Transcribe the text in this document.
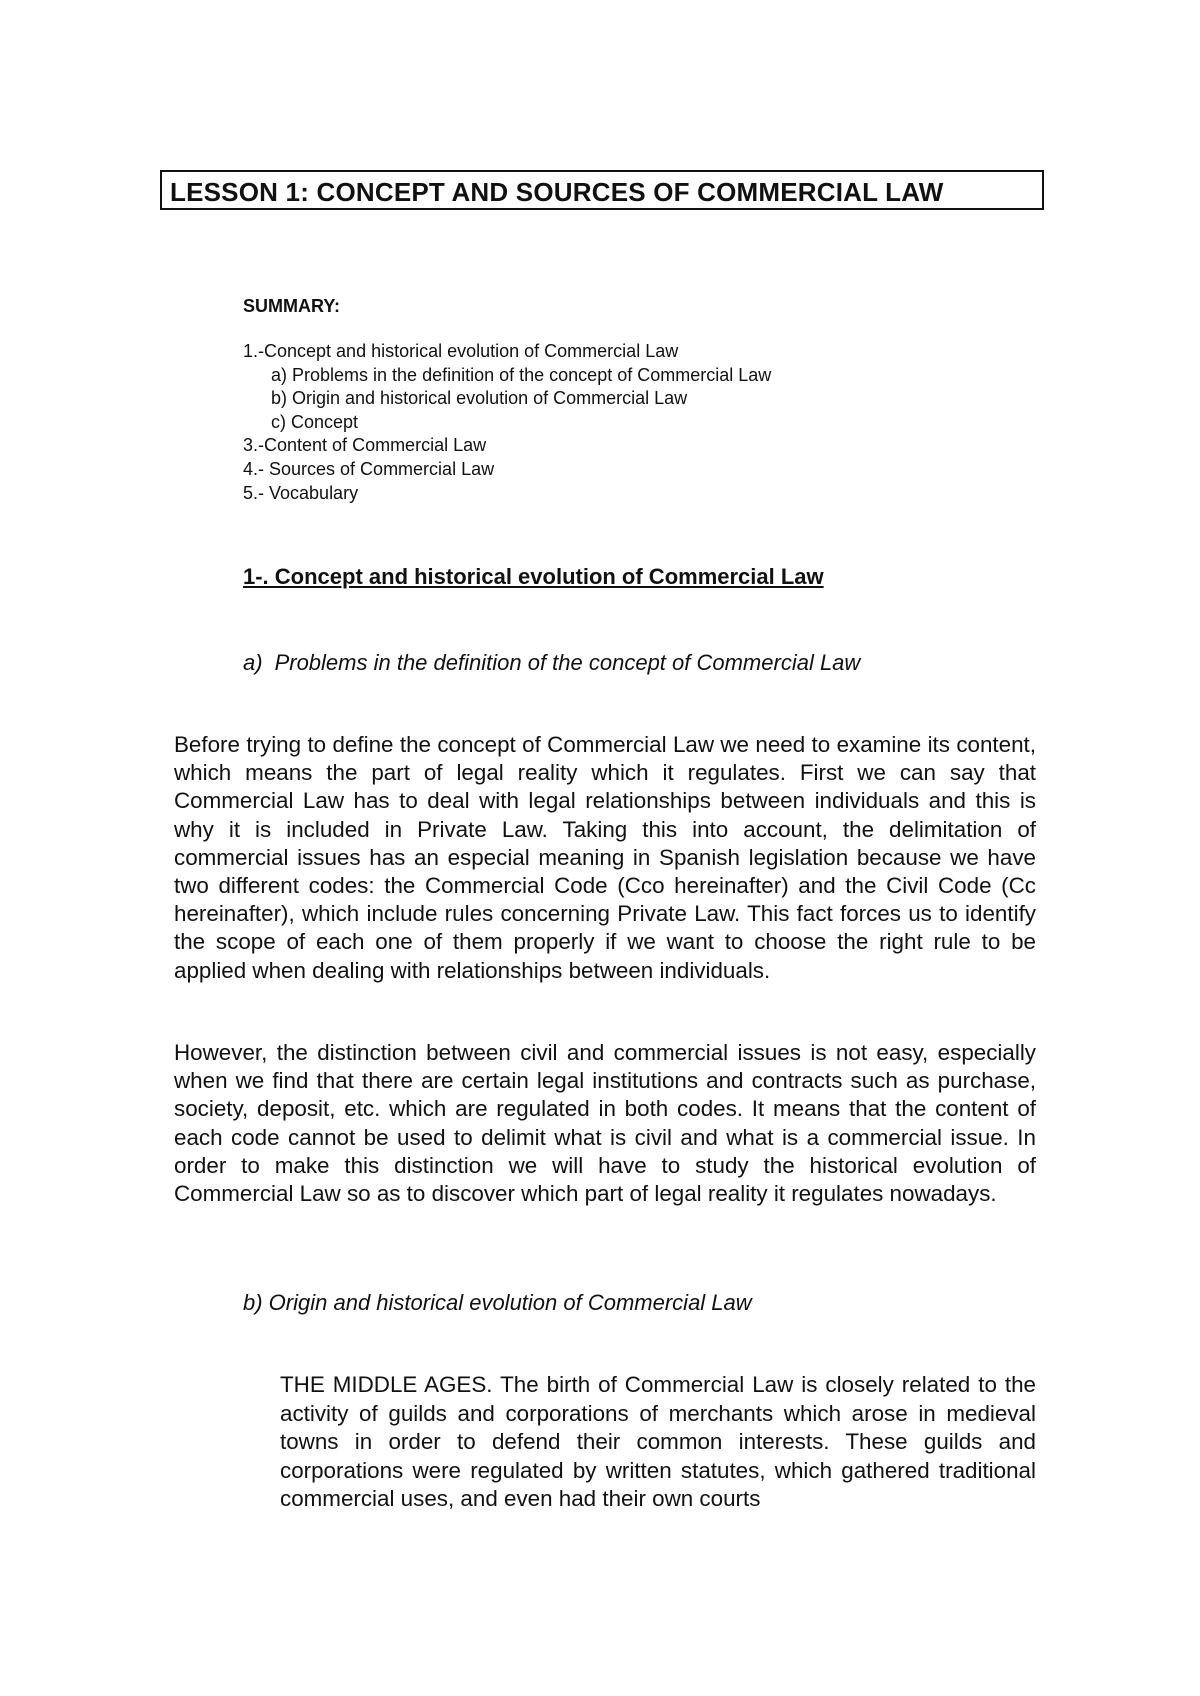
LESSON 1: CONCEPT AND SOURCES OF COMMERCIAL LAW
SUMMARY:
1.-Concept and historical evolution of Commercial Law
a) Problems in the definition of the concept of Commercial Law
b) Origin and historical evolution of Commercial Law
c) Concept
3.-Content of Commercial Law
4.- Sources of Commercial Law
5.- Vocabulary
1-. Concept and historical evolution of Commercial Law
a) Problems in the definition of the concept of Commercial Law
Before trying to define the concept of Commercial Law we need to examine its content, which means the part of legal reality which it regulates. First we can say that Commercial Law has to deal with legal relationships between individuals and this is why it is included in Private Law. Taking this into account, the delimitation of commercial issues has an especial meaning in Spanish legislation because we have two different codes: the Commercial Code (Cco hereinafter) and the Civil Code (Cc hereinafter), which include rules concerning Private Law. This fact forces us to identify the scope of each one of them properly if we want to choose the right rule to be applied when dealing with relationships between individuals.
However, the distinction between civil and commercial issues is not easy, especially when we find that there are certain legal institutions and contracts such as purchase, society, deposit, etc. which are regulated in both codes. It means that the content of each code cannot be used to delimit what is civil and what is a commercial issue. In order to make this distinction we will have to study the historical evolution of Commercial Law so as to discover which part of legal reality it regulates nowadays.
b) Origin and historical evolution of Commercial Law
THE MIDDLE AGES. The birth of Commercial Law is closely related to the activity of guilds and corporations of merchants which arose in medieval towns in order to defend their common interests. These guilds and corporations were regulated by written statutes, which gathered traditional commercial uses, and even had their own courts
